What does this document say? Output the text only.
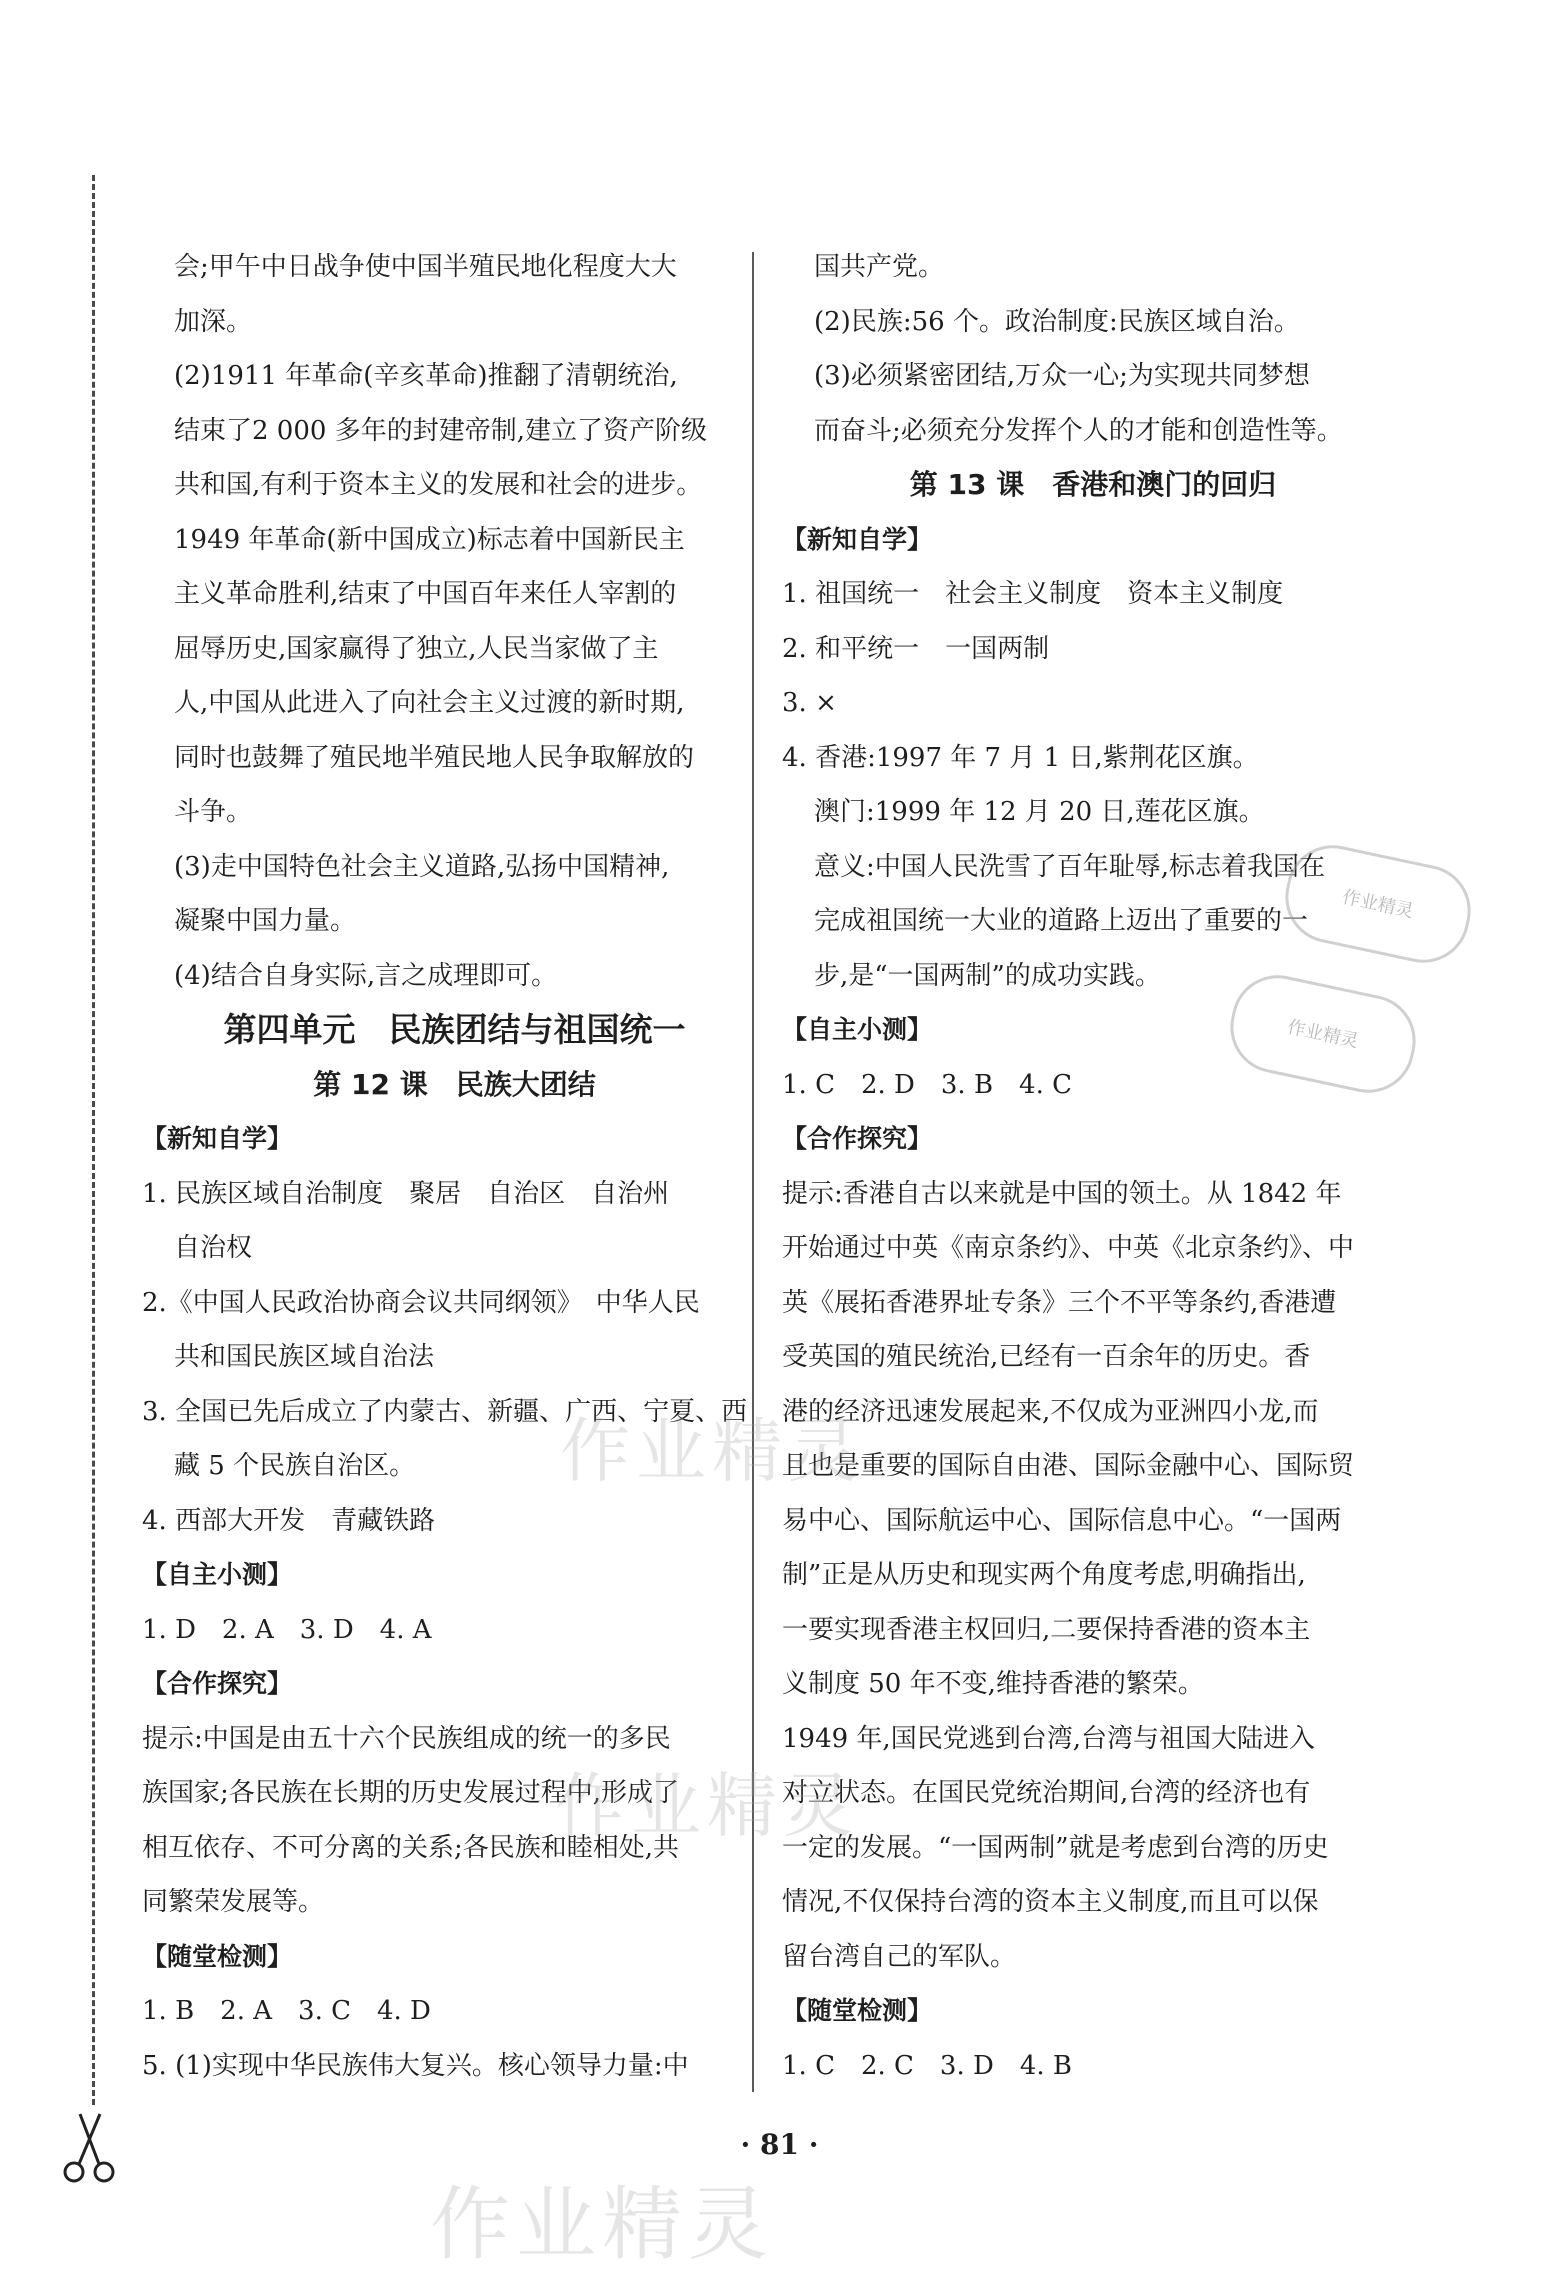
会;甲午中日战争使中国半殖民地化程度大大
加深。
(2)1911 年革命(辛亥革命)推翻了清朝统治,
结束了2 000 多年的封建帝制,建立了资产阶级
共和国,有利于资本主义的发展和社会的进步。
1949 年革命(新中国成立)标志着中国新民主
主义革命胜利,结束了中国百年来任人宰割的
屈辱历史,国家赢得了独立,人民当家做了主
人,中国从此进入了向社会主义过渡的新时期,
同时也鼓舞了殖民地半殖民地人民争取解放的
斗争。
(3)走中国特色社会主义道路,弘扬中国精神,
凝聚中国力量。
(4)结合自身实际,言之成理即可。
第四单元　民族团结与祖国统一
第 12 课　民族大团结
【新知自学】
1. 民族区域自治制度　聚居　自治区　自治州
自治权
2.《中国人民政治协商会议共同纲领》　中华人民
共和国民族区域自治法
3. 全国已先后成立了内蒙古、新疆、广西、宁夏、西
藏 5 个民族自治区。
4. 西部大开发　青藏铁路
【自主小测】
1. D　2. A　3. D　4. A
【合作探究】
提示:中国是由五十六个民族组成的统一的多民
族国家;各民族在长期的历史发展过程中,形成了
相互依存、不可分离的关系;各民族和睦相处,共
同繁荣发展等。
【随堂检测】
1. B　2. A　3. C　4. D
5. (1)实现中华民族伟大复兴。核心领导力量:中
国共产党。
(2)民族:56 个。政治制度:民族区域自治。
(3)必须紧密团结,万众一心;为实现共同梦想
而奋斗;必须充分发挥个人的才能和创造性等。
第 13 课　香港和澳门的回归
【新知自学】
1. 祖国统一　社会主义制度　资本主义制度
2. 和平统一　一国两制
3. ×
4. 香港:1997 年 7 月 1 日,紫荆花区旗。
澳门:1999 年 12 月 20 日,莲花区旗。
意义:中国人民洗雪了百年耻辱,标志着我国在
完成祖国统一大业的道路上迈出了重要的一
步,是“一国两制”的成功实践。
【自主小测】
1. C　2. D　3. B　4. C
【合作探究】
提示:香港自古以来就是中国的领土。从 1842 年
开始通过中英《南京条约》、中英《北京条约》、中
英《展拓香港界址专条》三个不平等条约,香港遭
受英国的殖民统治,已经有一百余年的历史。香
港的经济迅速发展起来,不仅成为亚洲四小龙,而
且也是重要的国际自由港、国际金融中心、国际贸
易中心、国际航运中心、国际信息中心。“一国两
制”正是从历史和现实两个角度考虑,明确指出,
一要实现香港主权回归,二要保持香港的资本主
义制度 50 年不变,维持香港的繁荣。
1949 年,国民党逃到台湾,台湾与祖国大陆进入
对立状态。在国民党统治期间,台湾的经济也有
一定的发展。“一国两制”就是考虑到台湾的历史
情况,不仅保持台湾的资本主义制度,而且可以保
留台湾自己的军队。
【随堂检测】
1. C　2. C　3. D　4. B
作业精灵
作业精灵
作业精灵
作业精灵
作业精灵
· 81 ·
